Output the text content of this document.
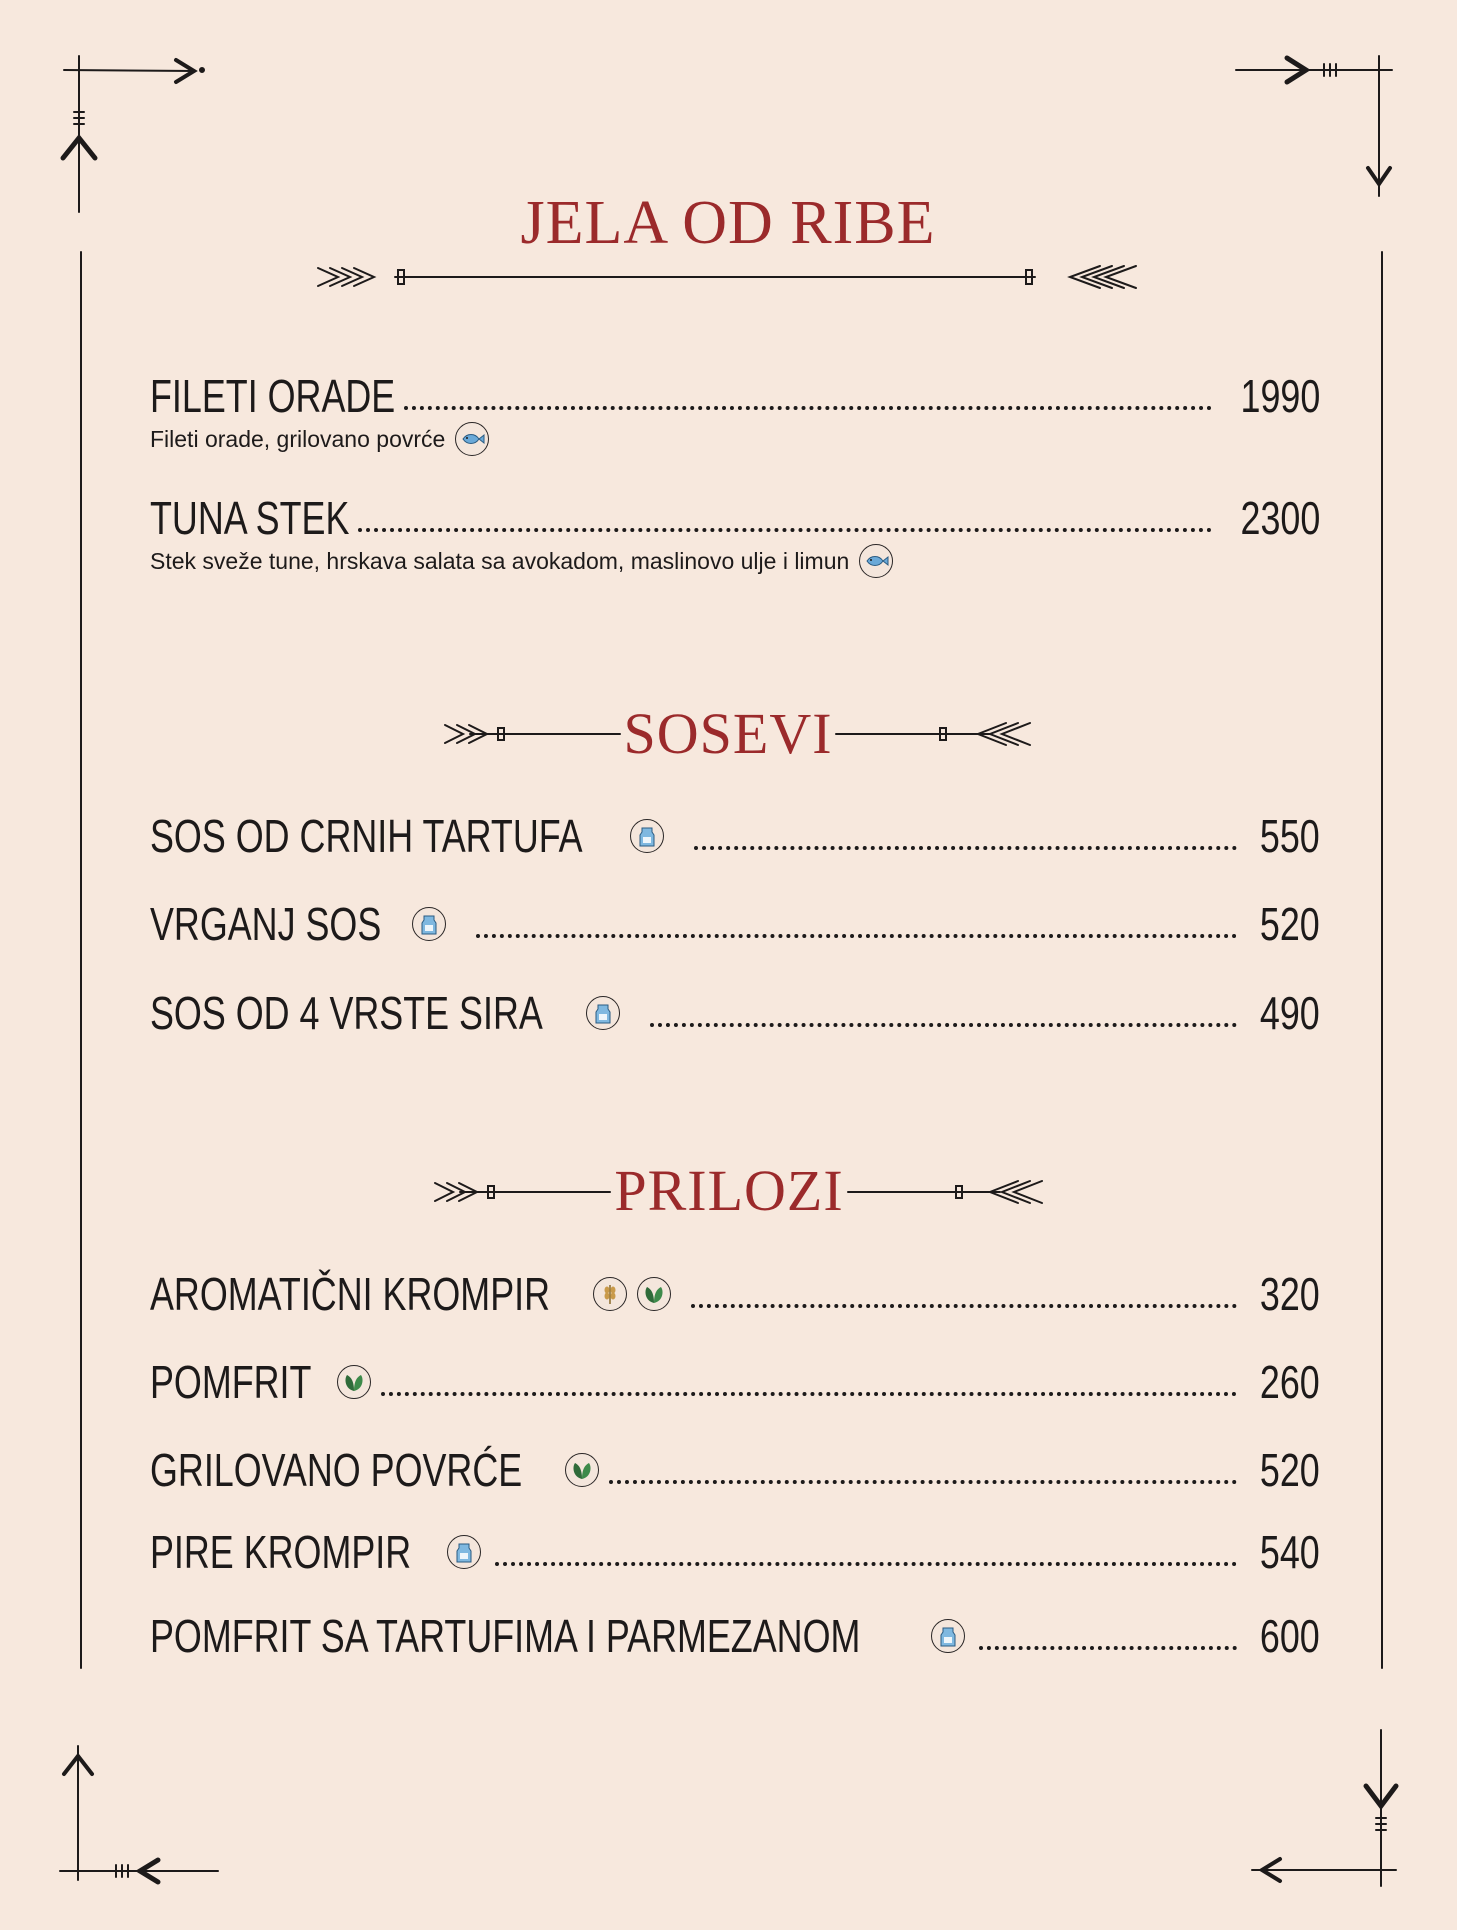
JELA OD RIBE
FILETI ORADE	1990
Fileti orade, grilovano povrće
TUNA STEK	2300
Stek sveže tune, hrskava salata sa avokadom, maslinovo ulje i limun
SOSEVI
SOS OD CRNIH TARTUFA	550
VRGANJ SOS	520
SOS OD 4 VRSTE SIRA	490
PRILOZI
AROMATIČNI KROMPIR	320
POMFRIT	260
GRILOVANO POVRĆE	520
PIRE KROMPIR	540
POMFRIT SA TARTUFIMA I PARMEZANOM	600
